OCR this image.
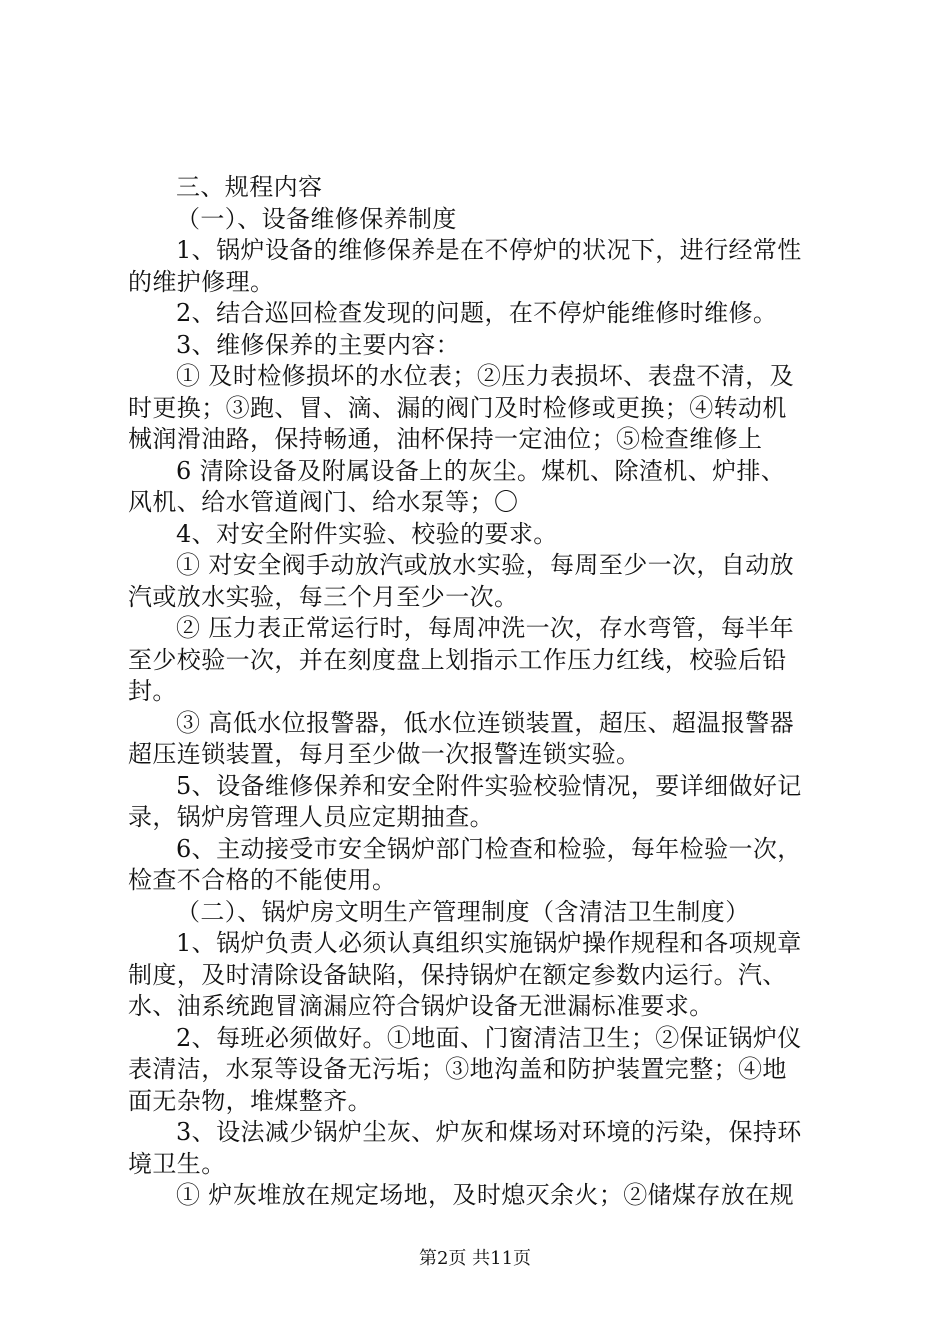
三、规程内容
（一）、设备维修保养制度
1、锅炉设备的维修保养是在不停炉的状况下，进行经常性
的维护修理。
2、结合巡回检查发现的问题，在不停炉能维修时维修。
3、维修保养的主要内容：
① 及时检修损坏的水位表；②压力表损坏、表盘不清，及
时更换；③跑、冒、滴、漏的阀门及时检修或更换；④转动机
械润滑油路，保持畅通，油杯保持一定油位；⑤检查维修上
6 清除设备及附属设备上的灰尘。煤机、除渣机、炉排、
风机、给水管道阀门、给水泵等；〇
4、对安全附件实验、校验的要求。
① 对安全阀手动放汽或放水实验，每周至少一次，自动放
汽或放水实验，每三个月至少一次。
② 压力表正常运行时，每周冲洗一次，存水弯管，每半年
至少校验一次，并在刻度盘上划指示工作压力红线，校验后铅
封。
③ 高低水位报警器，低水位连锁装置，超压、超温报警器
超压连锁装置，每月至少做一次报警连锁实验。
5、设备维修保养和安全附件实验校验情况，要详细做好记
录，锅炉房管理人员应定期抽查。
6、主动接受市安全锅炉部门检查和检验，每年检验一次，
检查不合格的不能使用。
（二）、锅炉房文明生产管理制度（含清洁卫生制度）
1、锅炉负责人必须认真组织实施锅炉操作规程和各项规章
制度，及时清除设备缺陷，保持锅炉在额定参数内运行。汽、
水、油系统跑冒滴漏应符合锅炉设备无泄漏标准要求。
2、每班必须做好。①地面、门窗清洁卫生；②保证锅炉仪
表清洁，水泵等设备无污垢；③地沟盖和防护装置完整；④地
面无杂物，堆煤整齐。
3、设法减少锅炉尘灰、炉灰和煤场对环境的污染，保持环
境卫生。
① 炉灰堆放在规定场地，及时熄灭余火；②储煤存放在规
第2页 共11页
